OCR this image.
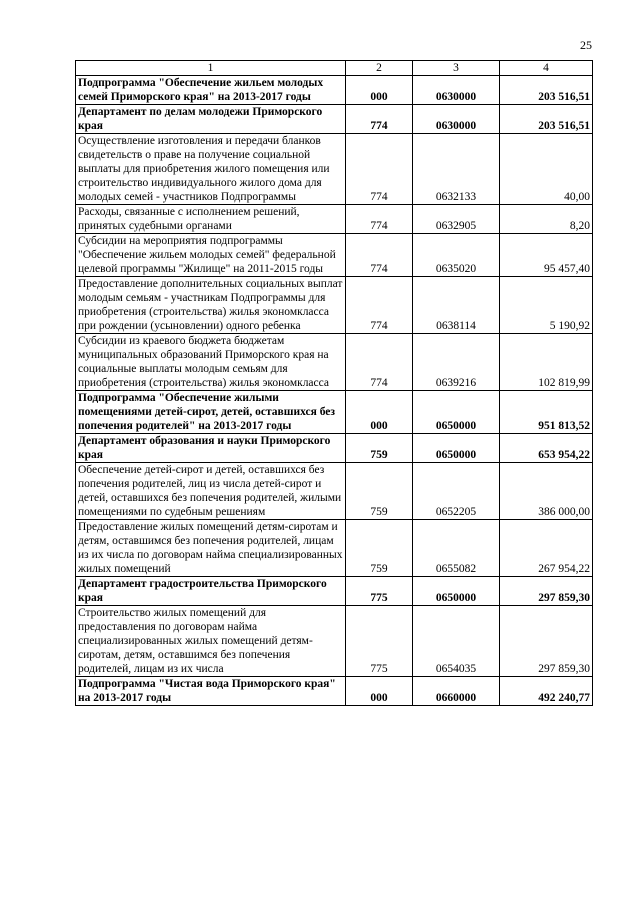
25
1	2	3	4
Подпрограмма "Обеспечение жильем молодых семей Приморского края" на 2013-2017 годы	000	0630000	203 516,51
Департамент по делам молодежи Приморского края	774	0630000	203 516,51
Осуществление изготовления и передачи бланков свидетельств о праве на получение социальной выплаты для приобретения жилого помещения или строительство индивидуального жилого дома для молодых семей - участников Подпрограммы	774	0632133	40,00
Расходы, связанные с исполнением решений, принятых судебными органами	774	0632905	8,20
Субсидии на мероприятия подпрограммы "Обеспечение жильем молодых семей" федеральной целевой программы "Жилище" на 2011-2015 годы	774	0635020	95 457,40
Предоставление дополнительных социальных выплат молодым семьям - участникам Подпрограммы для приобретения (строительства) жилья экономкласса при рождении (усыновлении) одного ребенка	774	0638114	5 190,92
Субсидии из краевого бюджета бюджетам муниципальных образований Приморского края на социальные выплаты молодым семьям для приобретения (строительства) жилья экономкласса	774	0639216	102 819,99
Подпрограмма "Обеспечение жилыми помещениями детей-сирот, детей, оставшихся без попечения родителей" на 2013-2017 годы	000	0650000	951 813,52
Департамент образования и науки Приморского края	759	0650000	653 954,22
Обеспечение детей-сирот и детей, оставшихся без попечения родителей, лиц из числа детей-сирот и детей, оставшихся без попечения родителей, жилыми помещениями по судебным решениям	759	0652205	386 000,00
Предоставление жилых помещений детям-сиротам и детям, оставшимся без попечения родителей, лицам из их числа по договорам найма специализированных жилых помещений	759	0655082	267 954,22
Департамент градостроительства Приморского края	775	0650000	297 859,30
Строительство жилых помещений для предоставления по договорам найма специализированных жилых помещений детям-сиротам, детям, оставшимся без попечения родителей, лицам из их числа	775	0654035	297 859,30
Подпрограмма "Чистая вода Приморского края" на 2013-2017 годы	000	0660000	492 240,77
